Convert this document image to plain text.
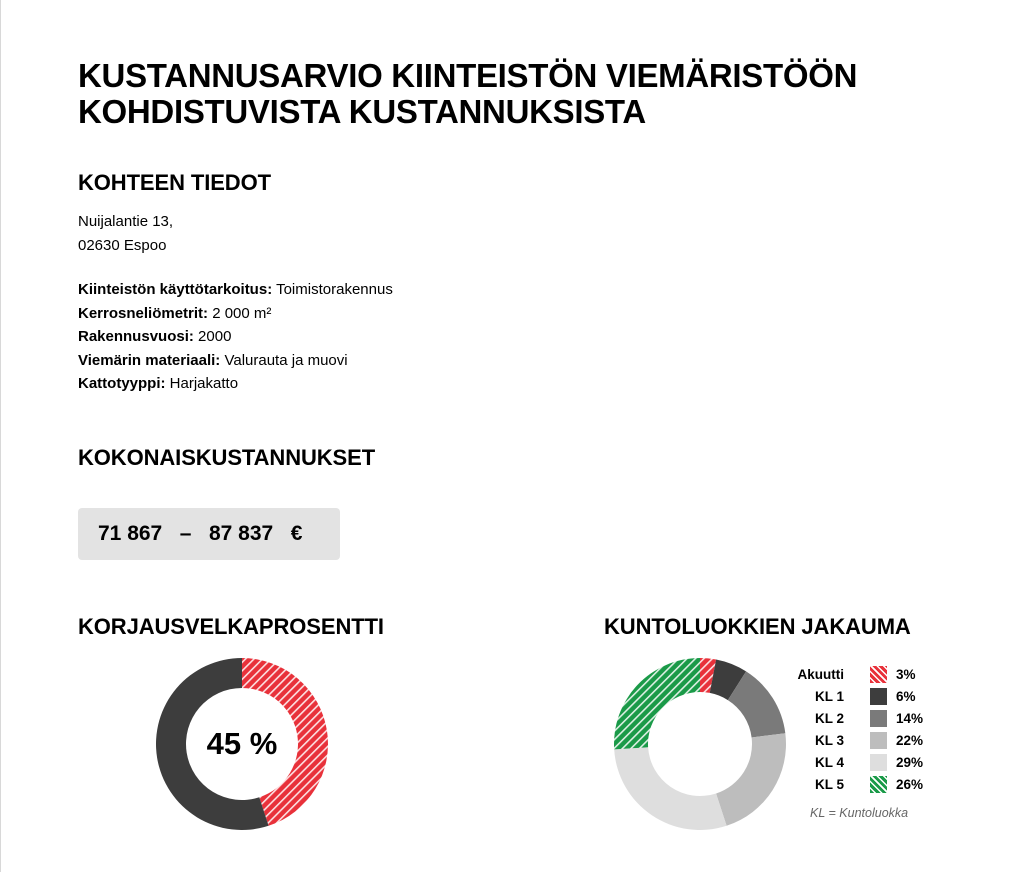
KUSTANNUSARVIO KIINTEISTÖN VIEMÄRISTÖÖN
KOHDISTUVISTA KUSTANNUKSISTA
KOHTEEN TIEDOT
Nuijalantie 13,
02630 Espoo
Kiinteistön käyttötarkoitus: Toimistorakennus
Kerrosneliömetrit: 2 000 m²
Rakennusvuosi: 2000
Viemärin materiaali: Valurauta ja muovi
Kattotyyppi: Harjakatto
KOKONAISKUSTANNUKSET
71 867
–
87 837
€
KORJAUSVELKAPROSENTTI	KUNTOLUOKKIEN JAKAUMA
45 %
Akuutti	3%
KL 1	6%
KL 2	14%
KL 3	22%
KL 4	29%
KL 5	26%
KL = Kuntoluokka
